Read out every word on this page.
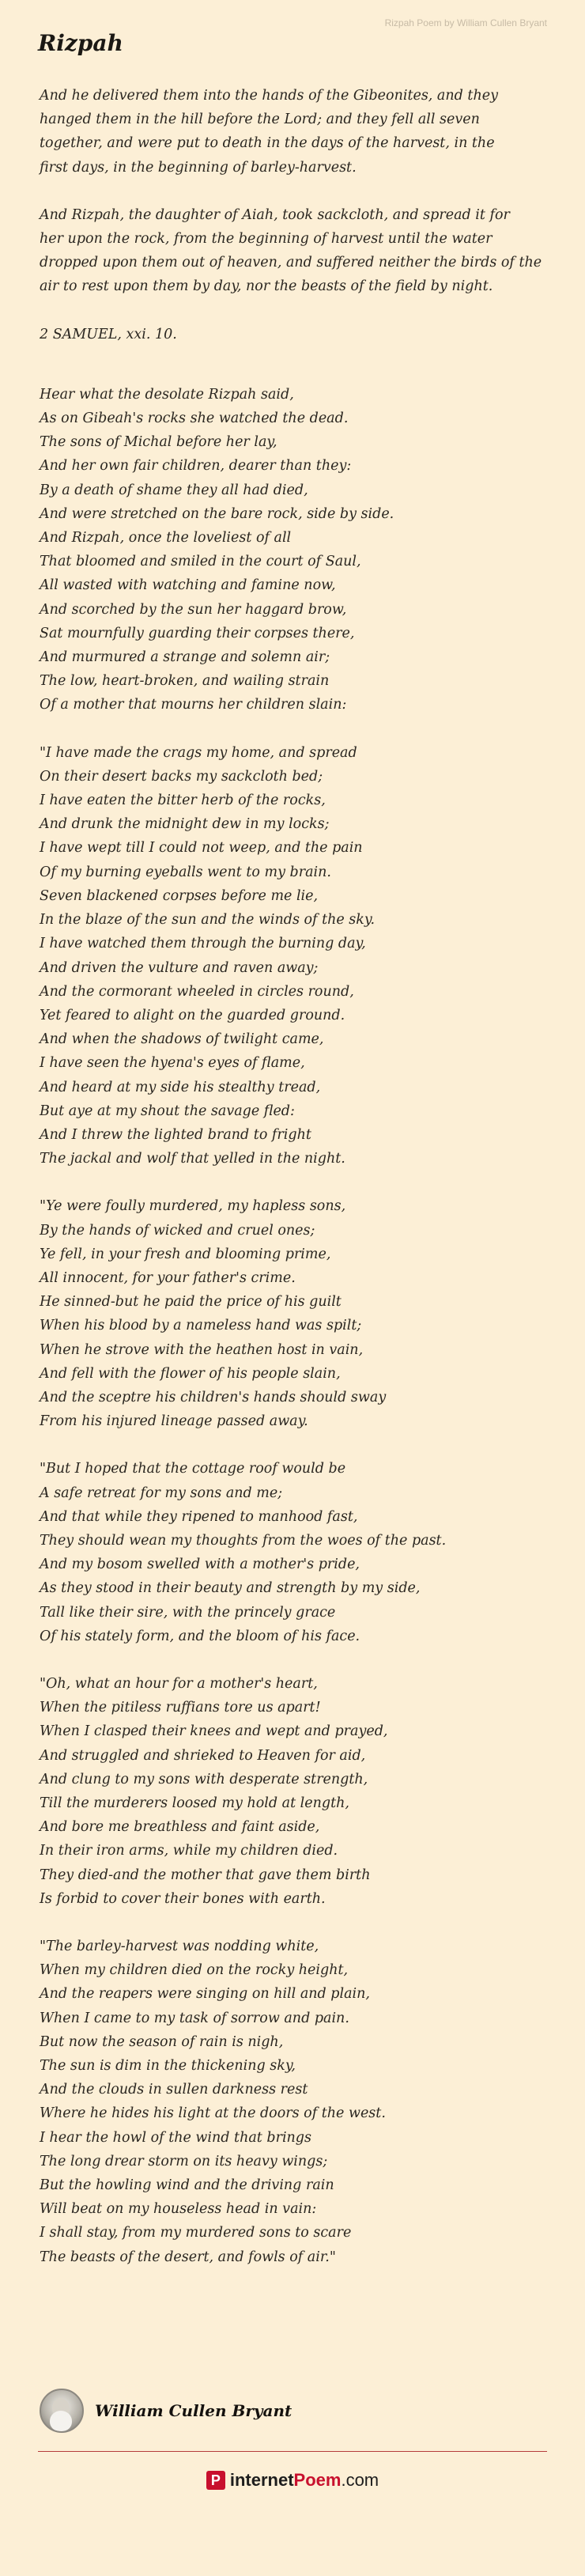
Rizpah Poem by William Cullen Bryant
Rizpah
And he delivered them into the hands of the Gibeonites, and they
hanged them in the hill before the Lord; and they fell all seven
together, and were put to death in the days of the harvest, in the
first days, in the beginning of barley-harvest.
And Rizpah, the daughter of Aiah, took sackcloth, and spread it for
her upon the rock, from the beginning of harvest until the water
dropped upon them out of heaven, and suffered neither the birds of the
air to rest upon them by day, nor the beasts of the field by night.
2 SAMUEL, xxi. 10.
Hear what the desolate Rizpah said,
As on Gibeah's rocks she watched the dead.
The sons of Michal before her lay,
And her own fair children, dearer than they:
By a death of shame they all had died,
And were stretched on the bare rock, side by side.
And Rizpah, once the loveliest of all
That bloomed and smiled in the court of Saul,
All wasted with watching and famine now,
And scorched by the sun her haggard brow,
Sat mournfully guarding their corpses there,
And murmured a strange and solemn air;
The low, heart-broken, and wailing strain
Of a mother that mourns her children slain:
"I have made the crags my home, and spread
On their desert backs my sackcloth bed;
I have eaten the bitter herb of the rocks,
And drunk the midnight dew in my locks;
I have wept till I could not weep, and the pain
Of my burning eyeballs went to my brain.
Seven blackened corpses before me lie,
In the blaze of the sun and the winds of the sky.
I have watched them through the burning day,
And driven the vulture and raven away;
And the cormorant wheeled in circles round,
Yet feared to alight on the guarded ground.
And when the shadows of twilight came,
I have seen the hyena's eyes of flame,
And heard at my side his stealthy tread,
But aye at my shout the savage fled:
And I threw the lighted brand to fright
The jackal and wolf that yelled in the night.
"Ye were foully murdered, my hapless sons,
By the hands of wicked and cruel ones;
Ye fell, in your fresh and blooming prime,
All innocent, for your father's crime.
He sinned-but he paid the price of his guilt
When his blood by a nameless hand was spilt;
When he strove with the heathen host in vain,
And fell with the flower of his people slain,
And the sceptre his children's hands should sway
From his injured lineage passed away.
"But I hoped that the cottage roof would be
A safe retreat for my sons and me;
And that while they ripened to manhood fast,
They should wean my thoughts from the woes of the past.
And my bosom swelled with a mother's pride,
As they stood in their beauty and strength by my side,
Tall like their sire, with the princely grace
Of his stately form, and the bloom of his face.
"Oh, what an hour for a mother's heart,
When the pitiless ruffians tore us apart!
When I clasped their knees and wept and prayed,
And struggled and shrieked to Heaven for aid,
And clung to my sons with desperate strength,
Till the murderers loosed my hold at length,
And bore me breathless and faint aside,
In their iron arms, while my children died.
They died-and the mother that gave them birth
Is forbid to cover their bones with earth.
"The barley-harvest was nodding white,
When my children died on the rocky height,
And the reapers were singing on hill and plain,
When I came to my task of sorrow and pain.
But now the season of rain is nigh,
The sun is dim in the thickening sky,
And the clouds in sullen darkness rest
Where he hides his light at the doors of the west.
I hear the howl of the wind that brings
The long drear storm on its heavy wings;
But the howling wind and the driving rain
Will beat on my houseless head in vain:
I shall stay, from my murdered sons to scare
The beasts of the desert, and fowls of air."
William Cullen Bryant
P internet Poem .com
